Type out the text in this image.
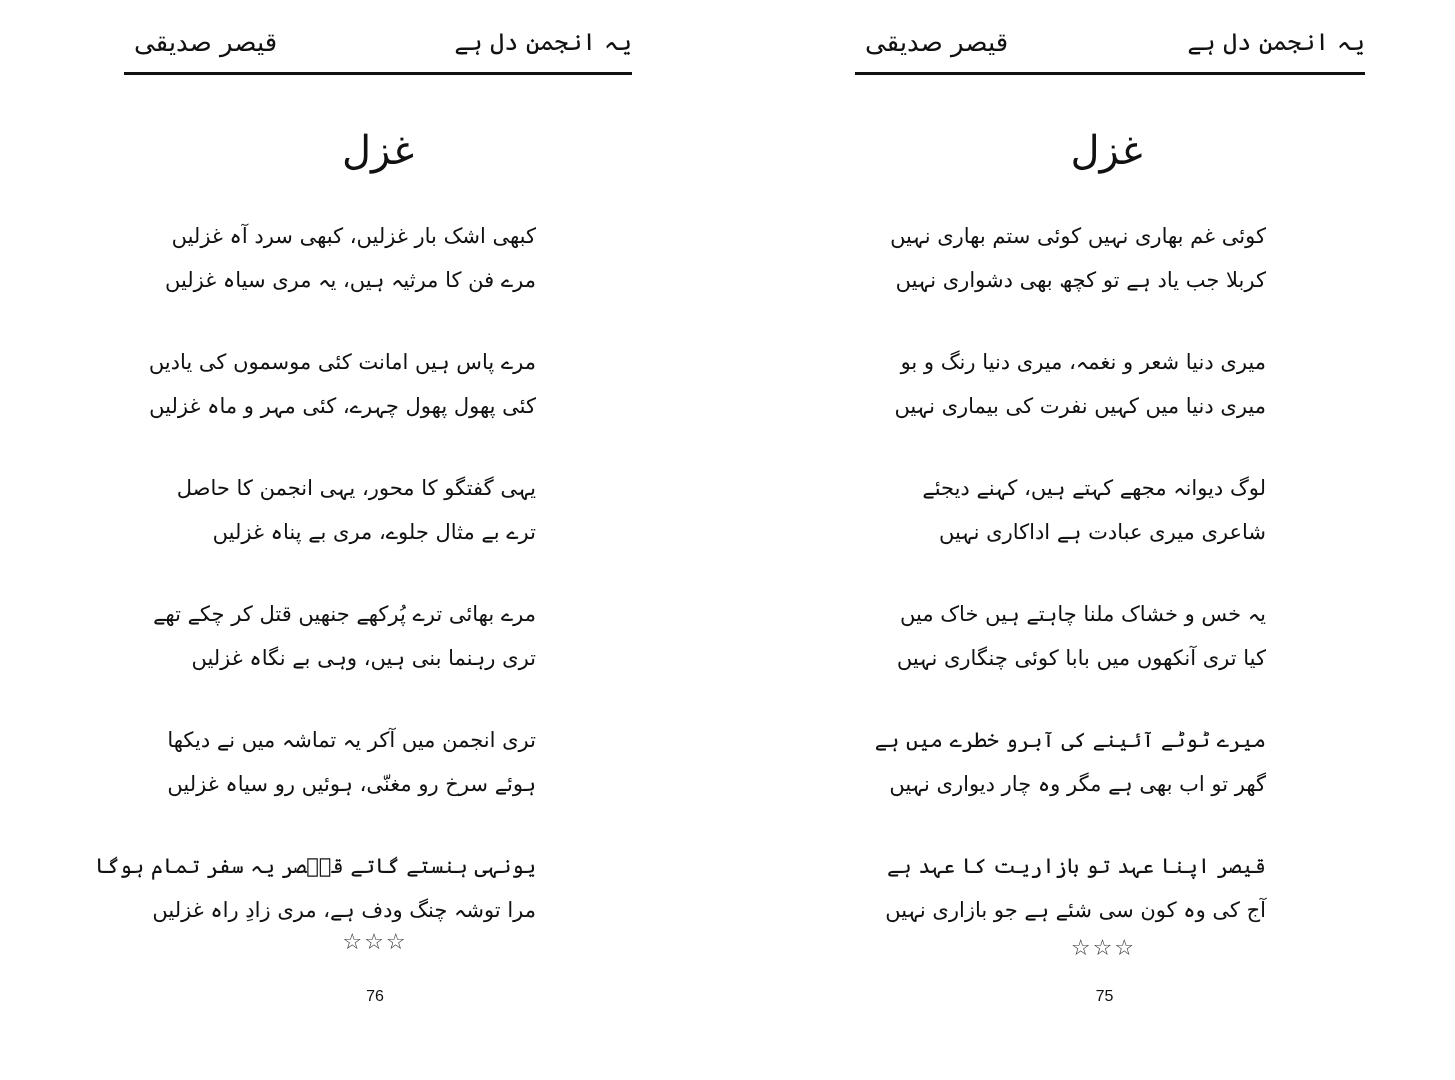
یہ انجمن دل ہے
قیصر صدیقی
غزل
کبھی اشک بار غزلیں، کبھی سرد آہ غزلیں
مرے فن کا مرثیہ ہیں، یہ مری سیاہ غزلیں
مرے پاس ہیں امانت کئی موسموں کی یادیں
کئی پھول پھول چہرے، کئی مہر و ماہ غزلیں
یہی گفتگو کا محور، یہی انجمن کا حاصل
ترے بے مثال جلوے، مری بے پناہ غزلیں
مرے بھائی ترے پُرکھے جنھیں قتل کر چکے تھے
تری رہنما بنی ہیں، وہی بے نگاہ غزلیں
تری انجمن میں آکر یہ تماشہ میں نے دیکھا
ہوئے سرخ رو مغنّی، ہوئیں رو سیاہ غزلیں
یونہی ہنستے گاتے قیؔصر یہ سفر تمام ہوگا
مرا توشہ چنگ ودف ہے، مری زادِ راہ غزلیں
☆☆☆
76
یہ انجمن دل ہے
قیصر صدیقی
غزل
کوئی غم بھاری نہیں کوئی ستم بھاری نہیں
کربلا جب یاد ہے تو کچھ بھی دشواری نہیں
میری دنیا شعر و نغمہ، میری دنیا رنگ و بو
میری دنیا میں کہیں نفرت کی بیماری نہیں
لوگ دیوانہ مجھے کہتے ہیں، کہنے دیجئے
شاعری میری عبادت ہے اداکاری نہیں
یہ خس و خشاک ملنا چاہتے ہیں خاک میں
کیا تری آنکھوں میں بابا کوئی چنگاری نہیں
میرے ٹوٹے آئینے کی آبرو خطرے میں ہے
گھر تو اب بھی ہے مگر وہ چار دیواری نہیں
قیصر اپنا عہد تو بازاریت کا عہد ہے
آج کی وہ کون سی شئے ہے جو بازاری نہیں
☆☆☆
75
